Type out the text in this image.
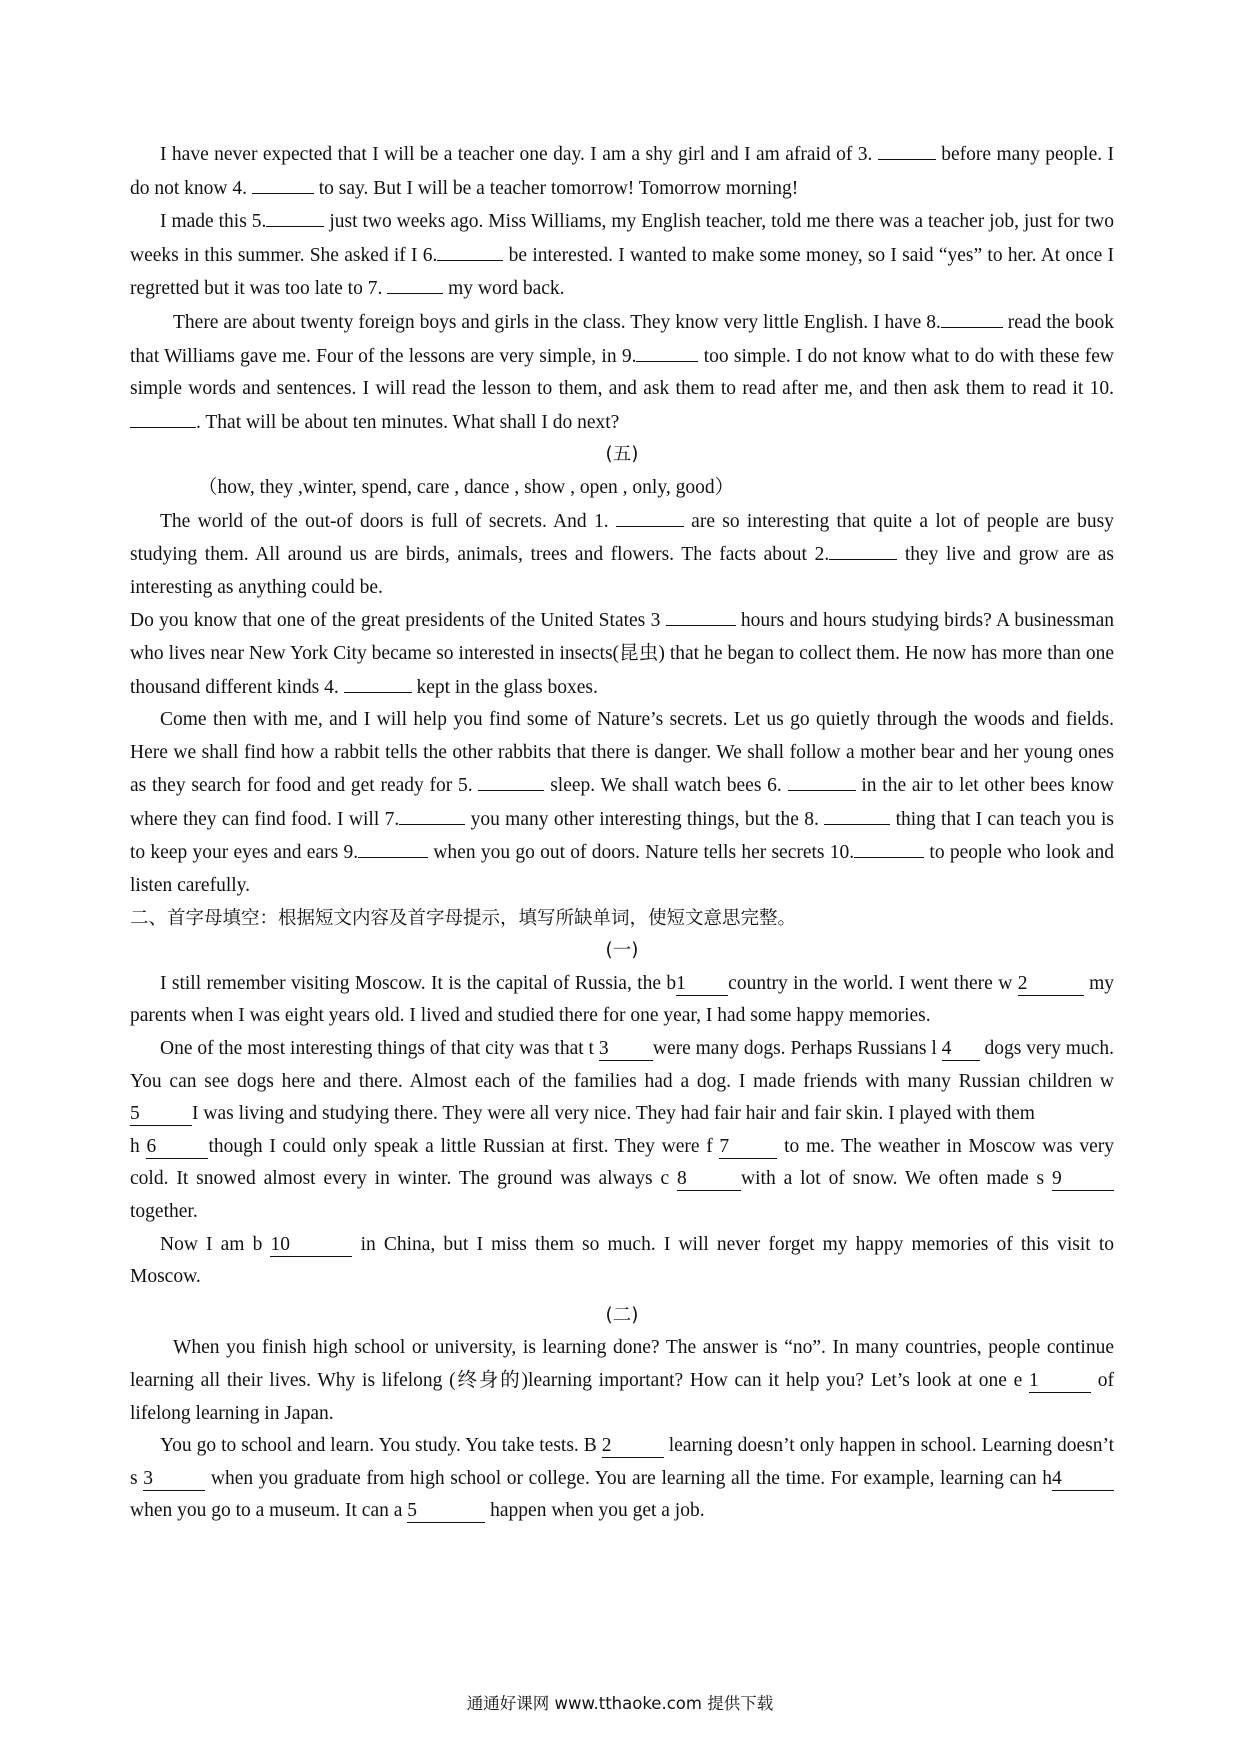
I have never expected that I will be a teacher one day. I am a shy girl and I am afraid of 3.	before many people. I do not know 4.	to say. But I will be a teacher tomorrow! Tomorrow morning!

I made this 5.	just two weeks ago. Miss Williams, my English teacher, told me there was a teacher job, just for two weeks in this summer. She asked if I 6.	be interested. I wanted to make some money, so I said “yes” to her. At once I regretted but it was too late to 7.	my word back.

There are about twenty foreign boys and girls in the class. They know very little English. I have 8.	read the book that Williams gave me. Four of the lessons are very simple, in 9.	too simple. I do not know what to do with these few simple words and sentences. I will read the lesson to them, and ask them to read after me, and then ask them to read it 10. . That will be about ten minutes. What shall I do next?

(五)

（how, they ,winter, spend, care , dance , show , open , only, good）

The world of the out-of doors is full of secrets. And 1.	are so interesting that quite a lot of people are busy studying them. All around us are birds, animals, trees and flowers. The facts about 2.	they live and grow are as interesting as anything could be.

Do you know that one of the great presidents of the United States 3	hours and hours studying birds? A businessman who lives near New York City became so interested in insects(昆虫) that he began to collect them. He now has more than one thousand different kinds 4.	kept in the glass boxes.

Come then with me, and I will help you find some of Nature’s secrets. Let us go quietly through the woods and fields. Here we shall find how a rabbit tells the other rabbits that there is danger. We shall follow a mother bear and her young ones as they search for food and get ready for 5.	sleep. We shall watch bees 6.	in the air to let other bees know where they can find food. I will 7.	you many other interesting things, but the 8.	thing that I can teach you is to keep your eyes and ears 9.	when you go out of doors. Nature tells her secrets 10.	to people who look and listen carefully.

二、首字母填空：根据短文内容及首字母提示，填写所缺单词，使短文意思完整。

(一)

I still remember visiting Moscow. It is the capital of Russia, the b1 country in the world. I went there w 2	my parents when I was eight years old. I lived and studied there for one year, I had some happy memories.

One of the most interesting things of that city was that t 3 were many dogs. Perhaps Russians l 4 dogs very much. You can see dogs here and there. Almost each of the families had a dog. I made friends with many Russian children w 5	I was living and studying there. They were all very nice. They had fair hair and fair skin. I played with them

h 6	though I could only speak a little Russian at first. They were f 7 to me. The weather in Moscow was very cold. It snowed almost every in winter. The ground was always c 8	with a lot of snow. We often made s 9 together.

Now I am b 10	in China, but I miss them so much. I will never forget my happy memories of this visit to Moscow.

(二)

When you finish high school or university, is learning done? The answer is “no”. In many countries, people continue learning all their lives. Why is lifelong (终身的)learning important? How can it help you? Let’s look at one e 1	of lifelong learning in Japan.

You go to school and learn. You study. You take tests. B 2	learning doesn’t only happen in school. Learning doesn’t s 3	when you graduate from high school or college. You are learning all the time. For example, learning can h4 when you go to a museum. It can a 5	happen when you get a job.

通通好课网 www.tthaoke.com 提供下载
